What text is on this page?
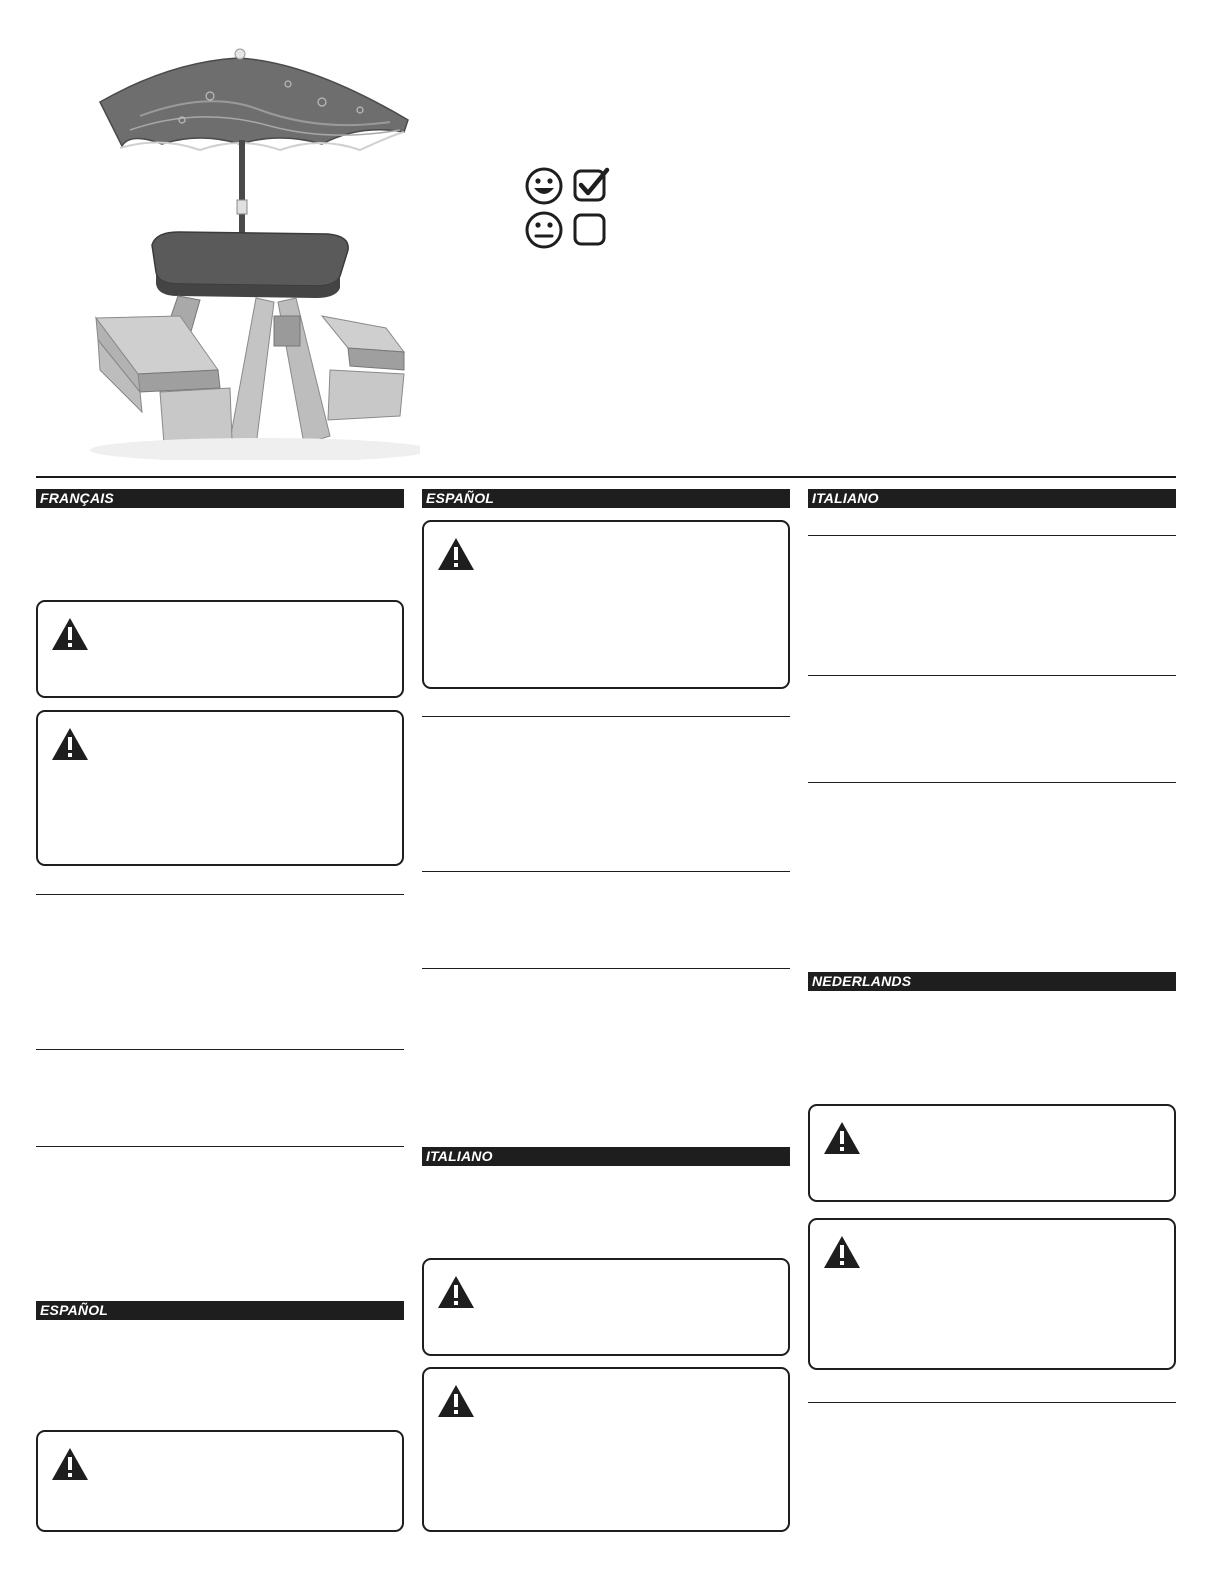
FRANÇAIS
ESPAÑOL
ESPAÑOL
ITALIANO
ITALIANO
NEDERLANDS
